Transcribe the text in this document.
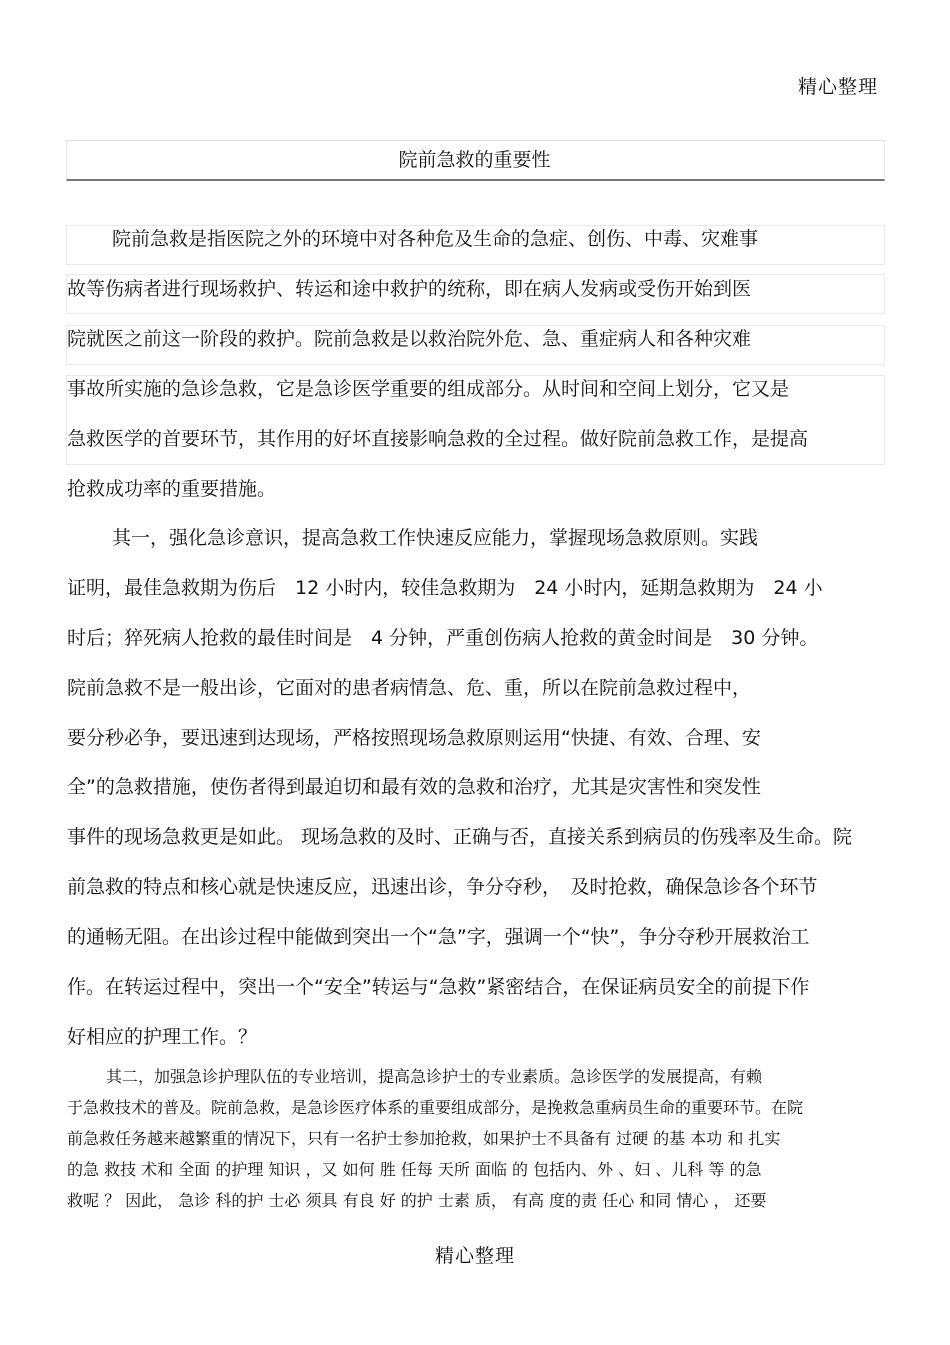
精心整理
院前急救的重要性
院前急救是指医院之外的环境中对各种危及生命的急症、创伤、中毒、灾难事
故等伤病者进行现场救护、转运和途中救护的统称，即在病人发病或受伤开始到医
院就医之前这一阶段的救护。院前急救是以救治院外危、急、重症病人和各种灾难
事故所实施的急诊急救，它是急诊医学重要的组成部分。从时间和空间上划分，它又是
急救医学的首要环节，其作用的好坏直接影响急救的全过程。做好院前急救工作，是提高
抢救成功率的重要措施。
其一，强化急诊意识，提高急救工作快速反应能力，掌握现场急救原则。实践
证明，最佳急救期为伤后　12 小时内，较佳急救期为　24 小时内，延期急救期为　24 小
时后；猝死病人抢救的最佳时间是　4 分钟，严重创伤病人抢救的黄金时间是　30 分钟。
院前急救不是一般出诊，它面对的患者病情急、危、重，所以在院前急救过程中，
要分秒必争，要迅速到达现场，严格按照现场急救原则运用“快捷、有效、合理、安
全”的急救措施，使伤者得到最迫切和最有效的急救和治疗，尤其是灾害性和突发性
事件的现场急救更是如此。 现场急救的及时、正确与否，直接关系到病员的伤残率及生命。院
前急救的特点和核心就是快速反应，迅速出诊，争分夺秒，　及时抢救，确保急诊各个环节
的通畅无阻。在出诊过程中能做到突出一个“急”字，强调一个“快”，争分夺秒开展救治工
作。在转运过程中，突出一个“安全”转运与“急救”紧密结合，在保证病员安全的前提下作
好相应的护理工作。？
其二，加强急诊护理队伍的专业培训，提高急诊护士的专业素质。急诊医学的发展提高，有赖
于急救技术的普及。院前急救，是急诊医疗体系的重要组成部分，是挽救急重病员生命的重要环节。在院
前急救任务越来越繁重的情况下，只有一名护士参加抢救，如果护士不具备有 过硬 的基 本功 和 扎实
的急 救技 术和 全面 的护理 知识 ，又 如何 胜 任每 天所 面临 的 包括内、外 、妇 、儿科 等 的急
救呢 ？ 因此， 急诊 科的护 士必 须具 有良 好 的护 士素 质， 有高 度的责 任心 和同 情心 ， 还要
精心整理
